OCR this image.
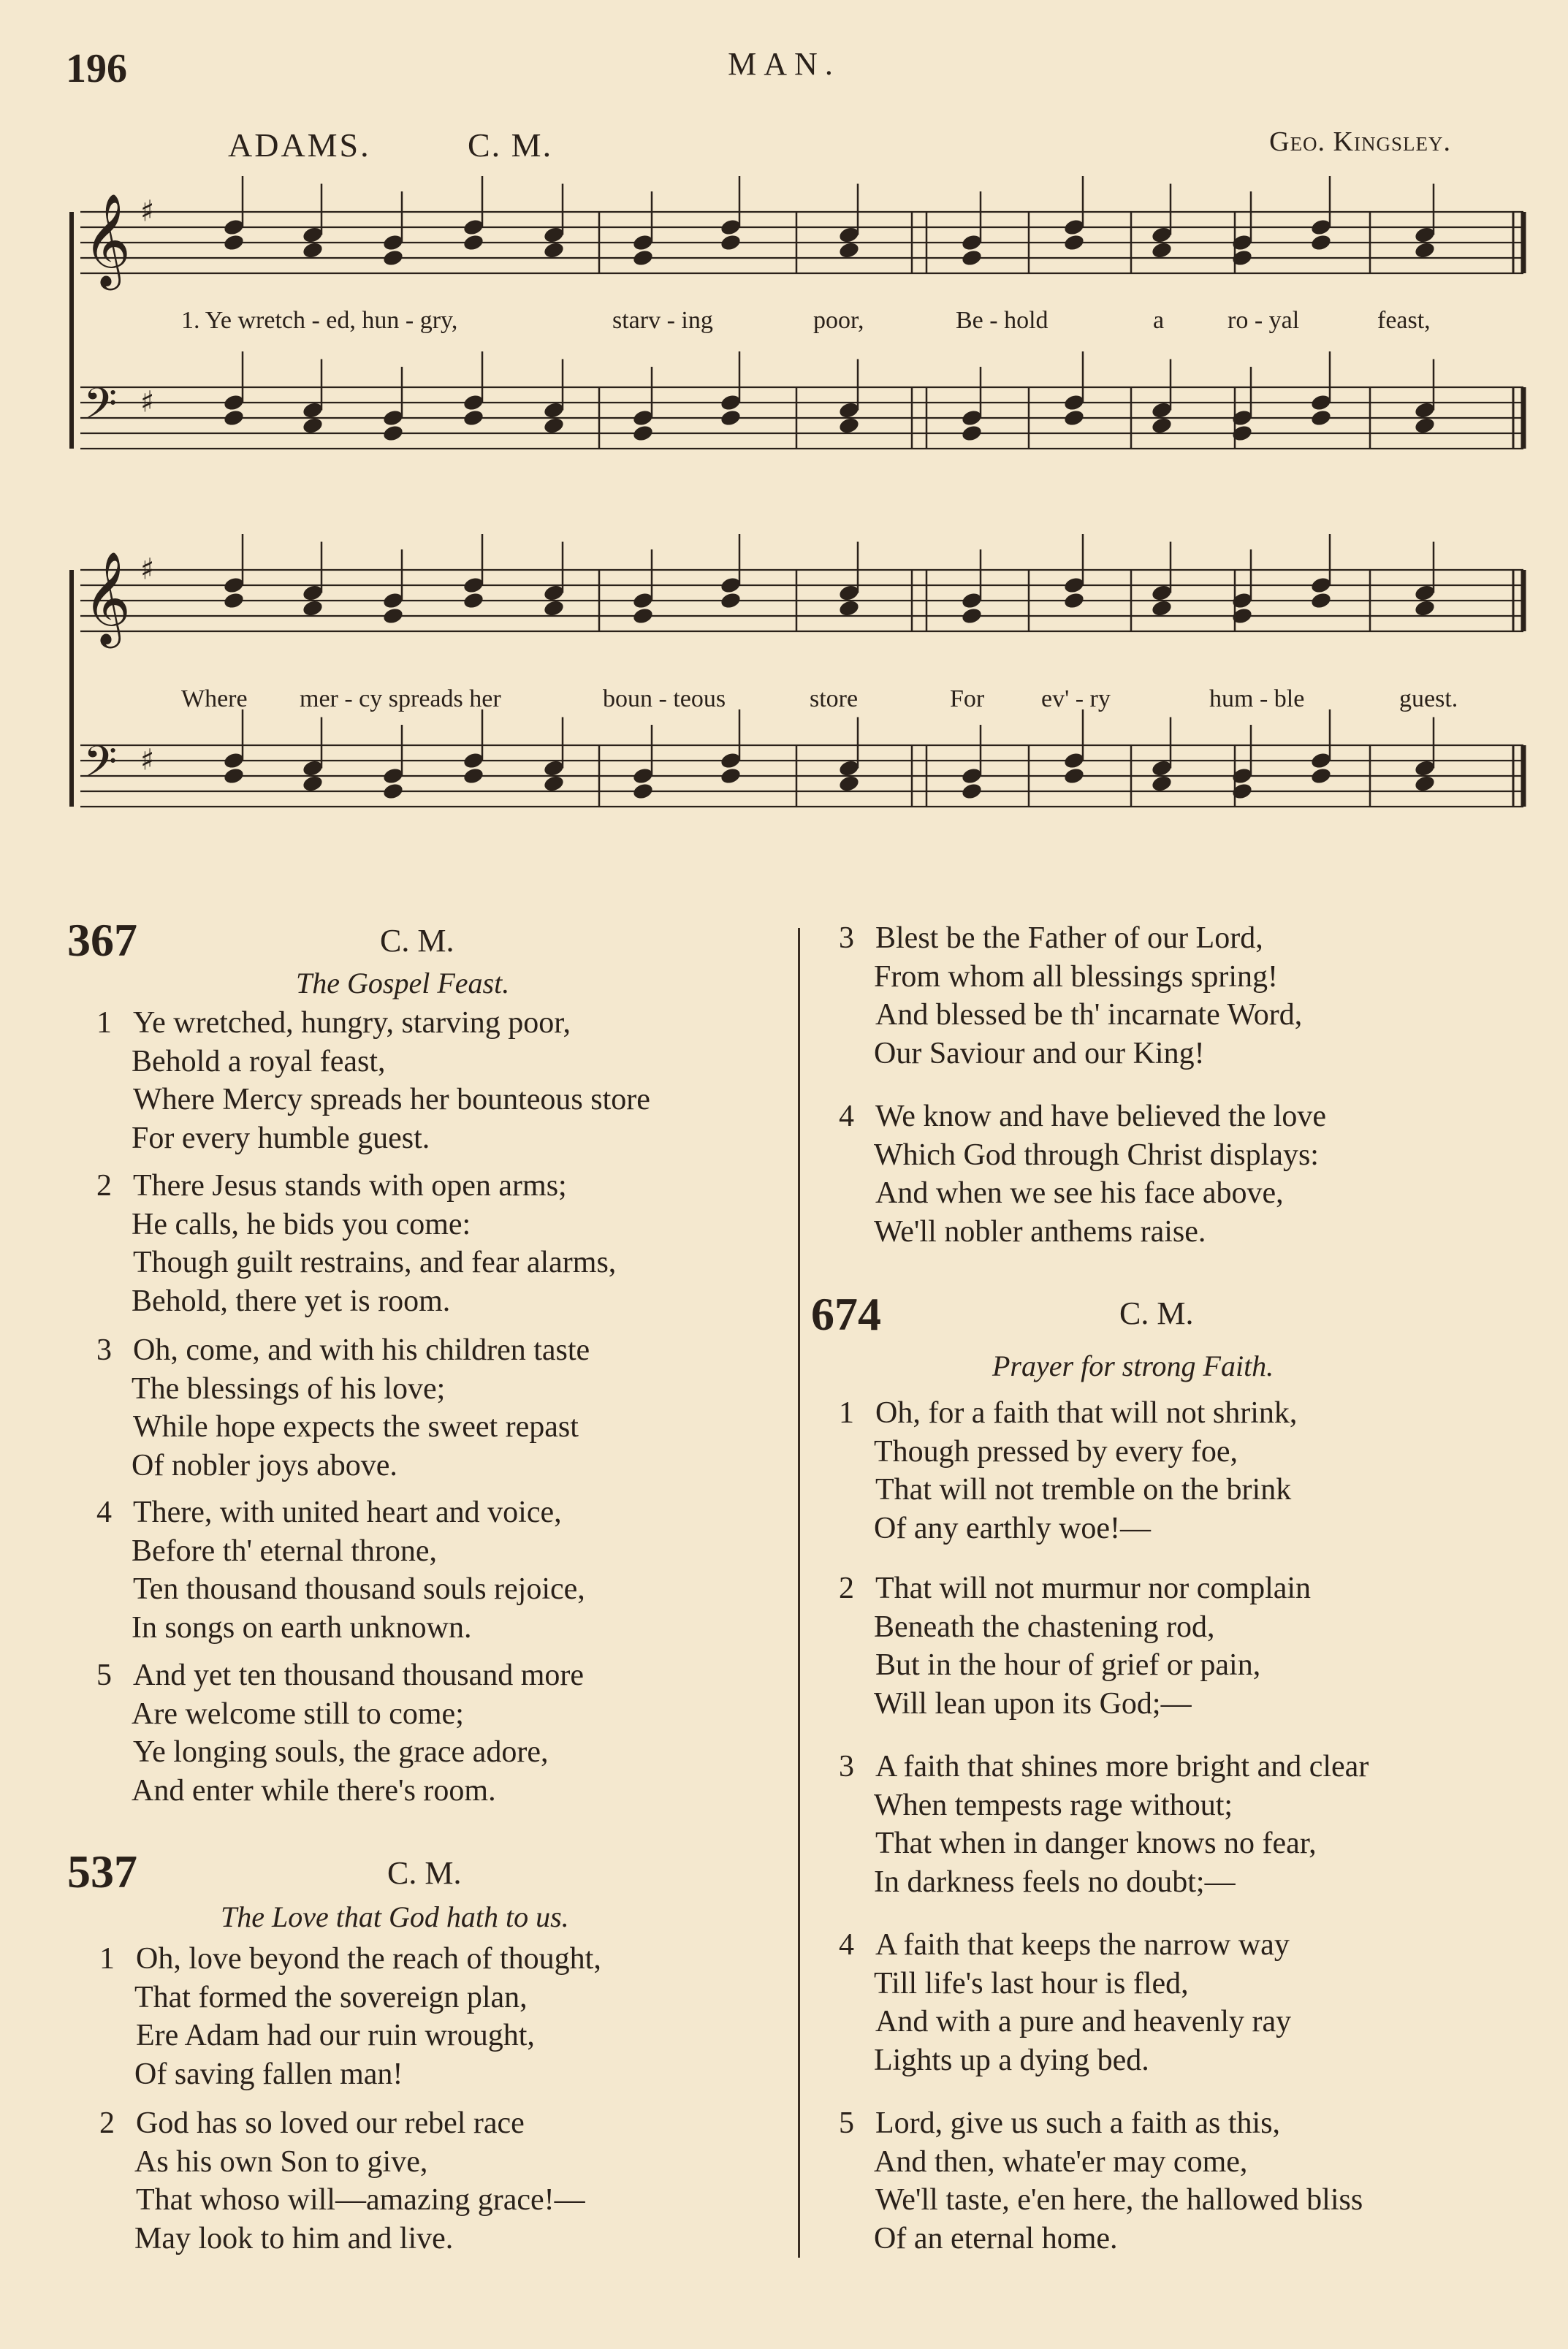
196	MAN.
ADAMS.	C. M.	Geo. Kingsley.
𝄞 ♯
𝄢 ♯
1. Ye wretch - ed, hun - gry,	starv - ing	poor,	Be - hold	a	ro - yal	feast,
𝄞 ♯
𝄢 ♯
Where mer - cy spreads her	boun - teous	store	For ev' - ry	hum - ble	guest.
367	C. M.
The Gospel Feast.
1 Ye wretched, hungry, starving poor,
Behold a royal feast,
Where Mercy spreads her bounteous store
For every humble guest.
2 There Jesus stands with open arms;
He calls, he bids you come:
Though guilt restrains, and fear alarms,
Behold, there yet is room.
3 Oh, come, and with his children taste
The blessings of his love;
While hope expects the sweet repast
Of nobler joys above.
4 There, with united heart and voice,
Before th' eternal throne,
Ten thousand thousand souls rejoice,
In songs on earth unknown.
5 And yet ten thousand thousand more
Are welcome still to come;
Ye longing souls, the grace adore,
And enter while there's room.
537	C. M.
The Love that God hath to us.
1 Oh, love beyond the reach of thought,
That formed the sovereign plan,
Ere Adam had our ruin wrought,
Of saving fallen man!
2 God has so loved our rebel race
As his own Son to give,
That whoso will—amazing grace!—
May look to him and live.
3 Blest be the Father of our Lord,
From whom all blessings spring!
And blessed be th' incarnate Word,
Our Saviour and our King!
4 We know and have believed the love
Which God through Christ displays:
And when we see his face above,
We'll nobler anthems raise.
674	C. M.
Prayer for strong Faith.
1 Oh, for a faith that will not shrink,
Though pressed by every foe,
That will not tremble on the brink
Of any earthly woe!—
2 That will not murmur nor complain
Beneath the chastening rod,
But in the hour of grief or pain,
Will lean upon its God;—
3 A faith that shines more bright and clear
When tempests rage without;
That when in danger knows no fear,
In darkness feels no doubt;—
4 A faith that keeps the narrow way
Till life's last hour is fled,
And with a pure and heavenly ray
Lights up a dying bed.
5 Lord, give us such a faith as this,
And then, whate'er may come,
We'll taste, e'en here, the hallowed bliss
Of an eternal home.
